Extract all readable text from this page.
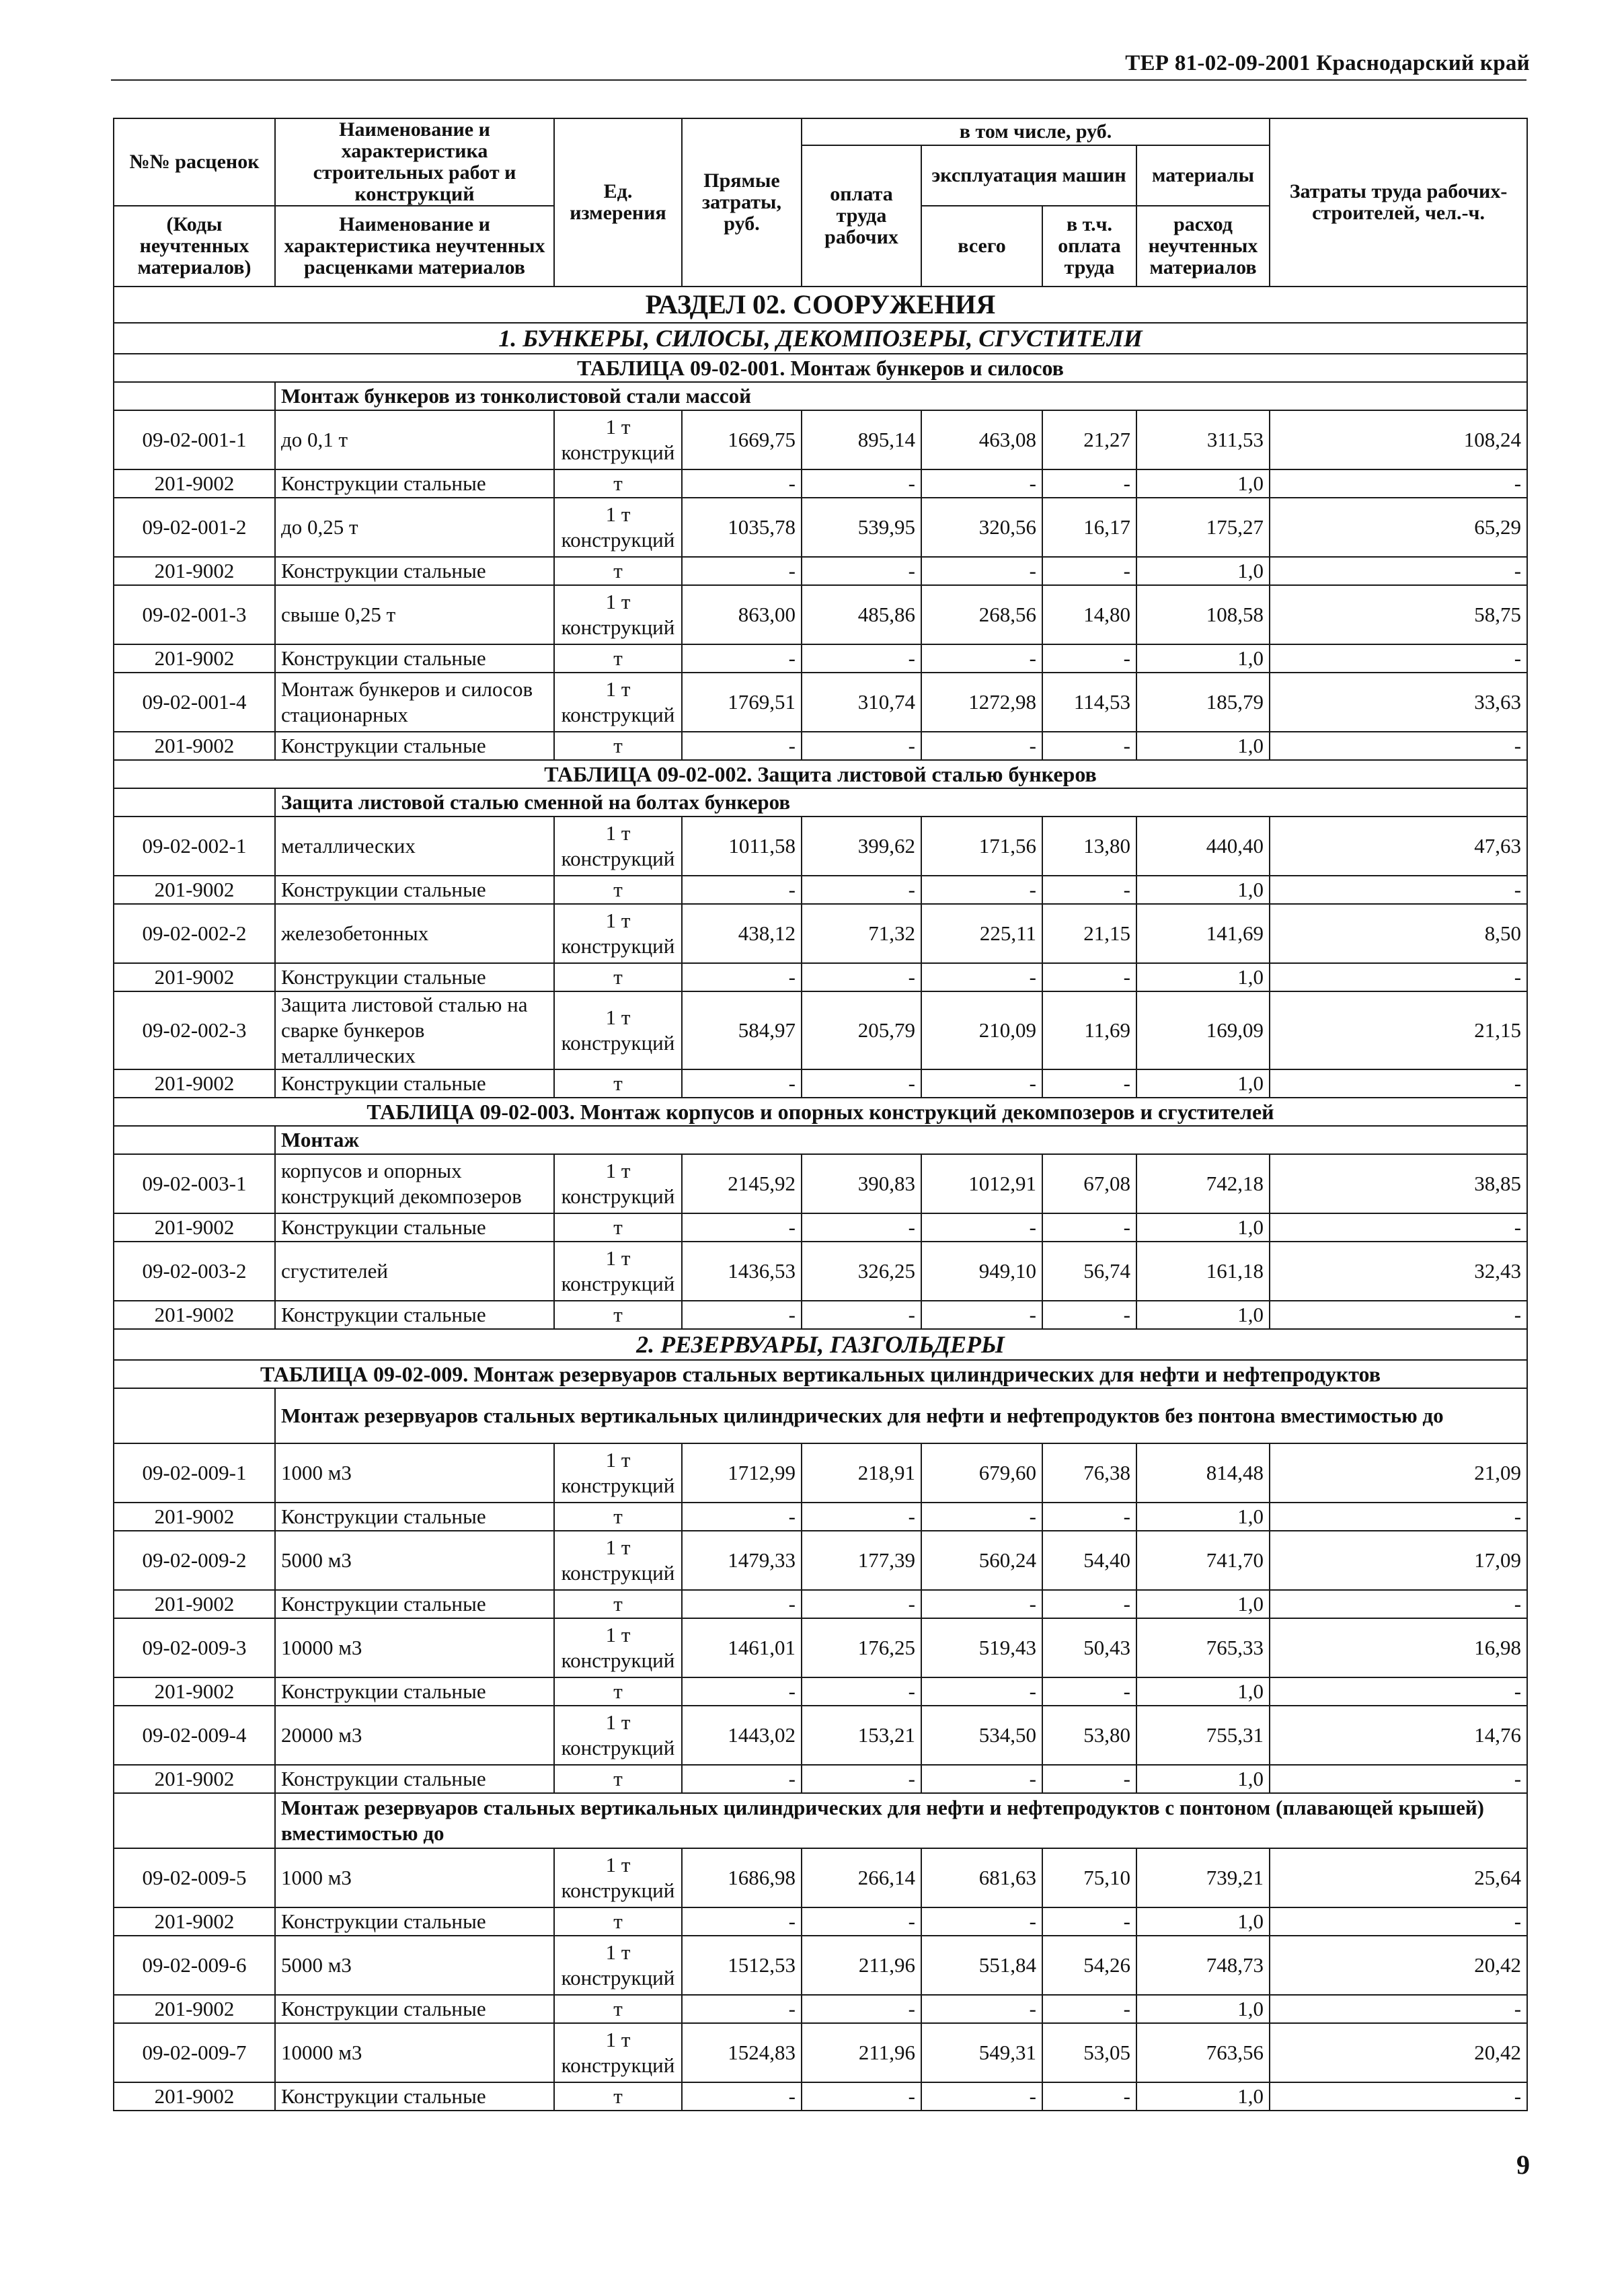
ТЕР 81-02-09-2001 Краснодарский край
№№ расценок	Наименование и характеристика строительных работ и конструкций	Ед. измерения	Прямые затраты, руб.	в том числе, руб.				Затраты труда рабочих-строителей, чел.-ч.
				оплата труда рабочих	эксплуатация машин		материалы	

(Коды неучтенных материалов)	Наименование и характеристика неучтенных расценками материалов				всего	в т.ч. оплата труда	расход неучтенных материалов	

РАЗДЕЛ 02. СООРУЖЕНИЯ								
1. БУНКЕРЫ, СИЛОСЫ, ДЕКОМПОЗЕРЫ, СГУСТИТЕЛИ								
ТАБЛИЦА 09-02-001. Монтаж бункеров и силосов								
	Монтаж бункеров из тонколистовой стали массой							
09-02-001-1	до 0,1 т	1 т конструкций	1669,75	895,14	463,08	21,27	311,53	108,24
201-9002	Конструкции стальные	т	-	-	-	-	1,0	-
09-02-001-2	до 0,25 т	1 т конструкций	1035,78	539,95	320,56	16,17	175,27	65,29
201-9002	Конструкции стальные	т	-	-	-	-	1,0	-
09-02-001-3	свыше 0,25 т	1 т конструкций	863,00	485,86	268,56	14,80	108,58	58,75
201-9002	Конструкции стальные	т	-	-	-	-	1,0	-
09-02-001-4	Монтаж бункеров и силосов стационарных	1 т конструкций	1769,51	310,74	1272,98	114,53	185,79	33,63
201-9002	Конструкции стальные	т	-	-	-	-	1,0	-
ТАБЛИЦА 09-02-002. Защита листовой сталью бункеров								
	Защита листовой сталью сменной на болтах бункеров							
09-02-002-1	металлических	1 т конструкций	1011,58	399,62	171,56	13,80	440,40	47,63
201-9002	Конструкции стальные	т	-	-	-	-	1,0	-
09-02-002-2	железобетонных	1 т конструкций	438,12	71,32	225,11	21,15	141,69	8,50
201-9002	Конструкции стальные	т	-	-	-	-	1,0	-
09-02-002-3	Защита листовой сталью на сварке бункеров металлических	1 т конструкций	584,97	205,79	210,09	11,69	169,09	21,15
201-9002	Конструкции стальные	т	-	-	-	-	1,0	-
ТАБЛИЦА 09-02-003. Монтаж корпусов и опорных конструкций декомпозеров и сгустителей								
	Монтаж							
09-02-003-1	корпусов и опорных конструкций декомпозеров	1 т конструкций	2145,92	390,83	1012,91	67,08	742,18	38,85
201-9002	Конструкции стальные	т	-	-	-	-	1,0	-
09-02-003-2	сгустителей	1 т конструкций	1436,53	326,25	949,10	56,74	161,18	32,43
201-9002	Конструкции стальные	т	-	-	-	-	1,0	-
2. РЕЗЕРВУАРЫ, ГАЗГОЛЬДЕРЫ								
ТАБЛИЦА 09-02-009. Монтаж резервуаров стальных вертикальных цилиндрических для нефти и нефтепродуктов								
	Монтаж резервуаров стальных вертикальных цилиндрических для нефти и нефтепродуктов без понтона вместимостью до							
09-02-009-1	1000 м3	1 т конструкций	1712,99	218,91	679,60	76,38	814,48	21,09
201-9002	Конструкции стальные	т	-	-	-	-	1,0	-
09-02-009-2	5000 м3	1 т конструкций	1479,33	177,39	560,24	54,40	741,70	17,09
201-9002	Конструкции стальные	т	-	-	-	-	1,0	-
09-02-009-3	10000 м3	1 т конструкций	1461,01	176,25	519,43	50,43	765,33	16,98
201-9002	Конструкции стальные	т	-	-	-	-	1,0	-
09-02-009-4	20000 м3	1 т конструкций	1443,02	153,21	534,50	53,80	755,31	14,76
201-9002	Конструкции стальные	т	-	-	-	-	1,0	-
	Монтаж резервуаров стальных вертикальных цилиндрических для нефти и нефтепродуктов с понтоном (плавающей крышей) вместимостью до							
09-02-009-5	1000 м3	1 т конструкций	1686,98	266,14	681,63	75,10	739,21	25,64
201-9002	Конструкции стальные	т	-	-	-	-	1,0	-
09-02-009-6	5000 м3	1 т конструкций	1512,53	211,96	551,84	54,26	748,73	20,42
201-9002	Конструкции стальные	т	-	-	-	-	1,0	-
09-02-009-7	10000 м3	1 т конструкций	1524,83	211,96	549,31	53,05	763,56	20,42
201-9002	Конструкции стальные	т	-	-	-	-	1,0	-
9
